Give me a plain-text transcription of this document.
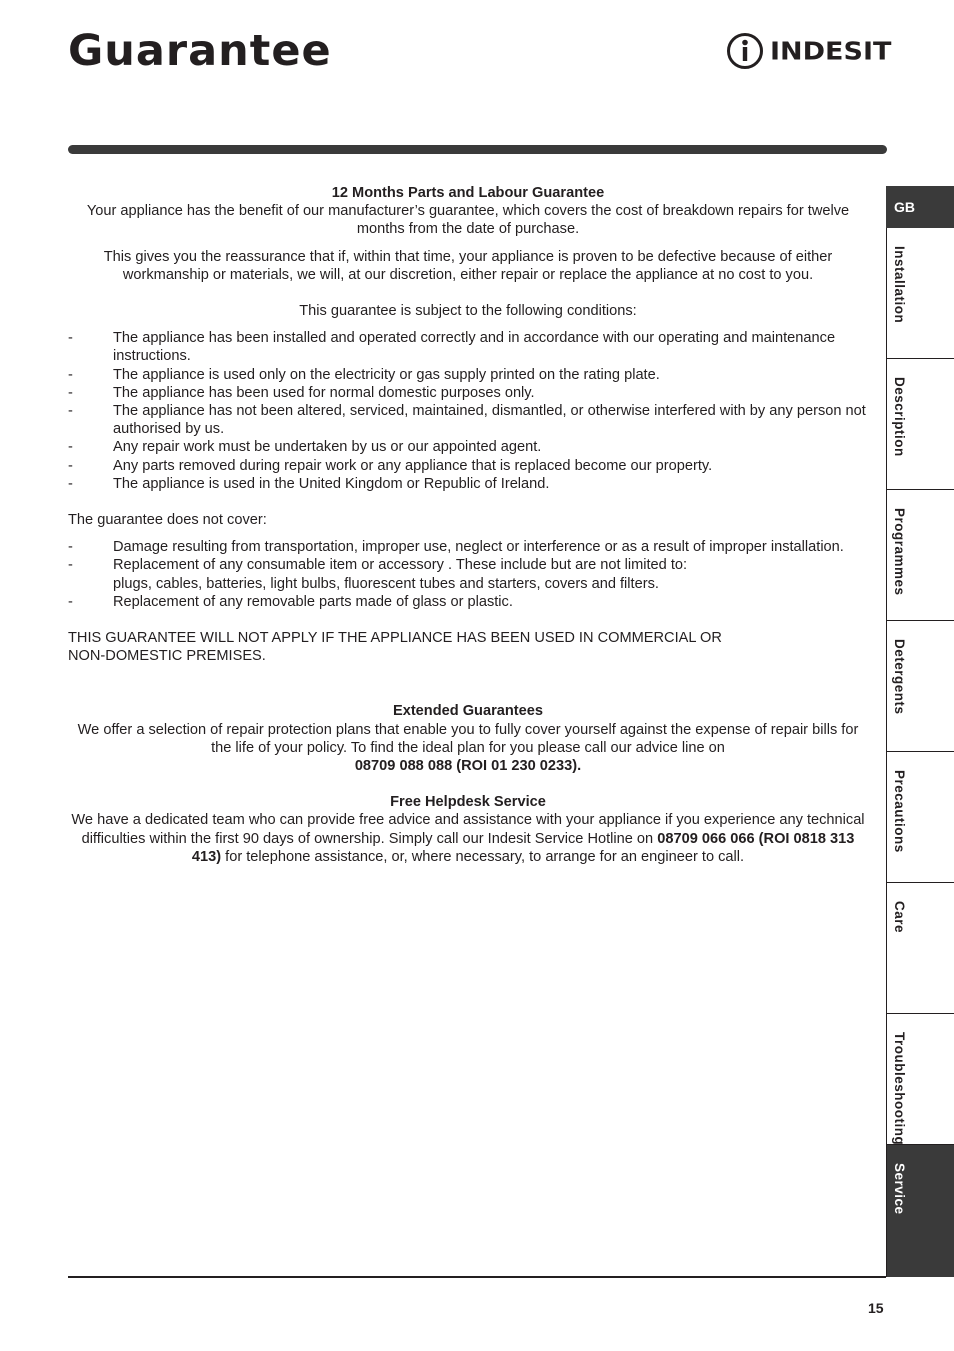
Guarantee	INDESIT

12 Months Parts and Labour Guarantee

Your appliance has the benefit of our manufacturer’s guarantee, which covers the cost of breakdown repairs for twelve months from the date of purchase.

This gives you the reassurance that if, within that time, your appliance is proven to be defective because of either workmanship or materials, we will, at our discretion, either repair or replace the appliance at no cost to you.

This guarantee is subject to the following conditions:

-	The appliance has been installed and operated correctly and in accordance with our operating and maintenance instructions.
-	The appliance is used only on the electricity or gas supply printed on the rating plate.
-	The appliance has been used for normal domestic purposes only.
-	The appliance has not been altered, serviced, maintained, dismantled, or otherwise interfered with by any person not authorised by us.
-	Any repair work must be undertaken by us or our appointed agent.
-	Any parts removed during repair work or any appliance that is replaced become our property.
-	The appliance is used in the United Kingdom or Republic of Ireland.

The guarantee does not cover:

-	Damage resulting from transportation, improper use, neglect or interference or as a result of improper installation.
-	Replacement of any consumable item or accessory . These include but are not limited to:
plugs, cables, batteries, light bulbs, fluorescent tubes and starters, covers and filters.
-	Replacement of any removable parts made of glass or plastic.

THIS GUARANTEE WILL NOT APPLY IF THE APPLIANCE HAS BEEN USED IN COMMERCIAL OR
NON-DOMESTIC PREMISES.

Extended Guarantees

We offer a selection of repair protection plans that enable you to fully cover yourself against the expense of repair bills for the life of your policy. To find the ideal plan for you please call our advice line on
08709 088 088 (ROI 01 230 0233).

Free Helpdesk Service

We have a dedicated team who can provide free advice and assistance with your appliance if you experience any technical difficulties within the first 90 days of ownership. Simply call our Indesit Service Hotline on 08709 066 066 (ROI 0818 313 413) for telephone assistance, or, where necessary, to arrange for an engineer to call.

GB
Installation
Description
Programmes
Detergents
Precautions
Care
Troubleshooting
Service
15
